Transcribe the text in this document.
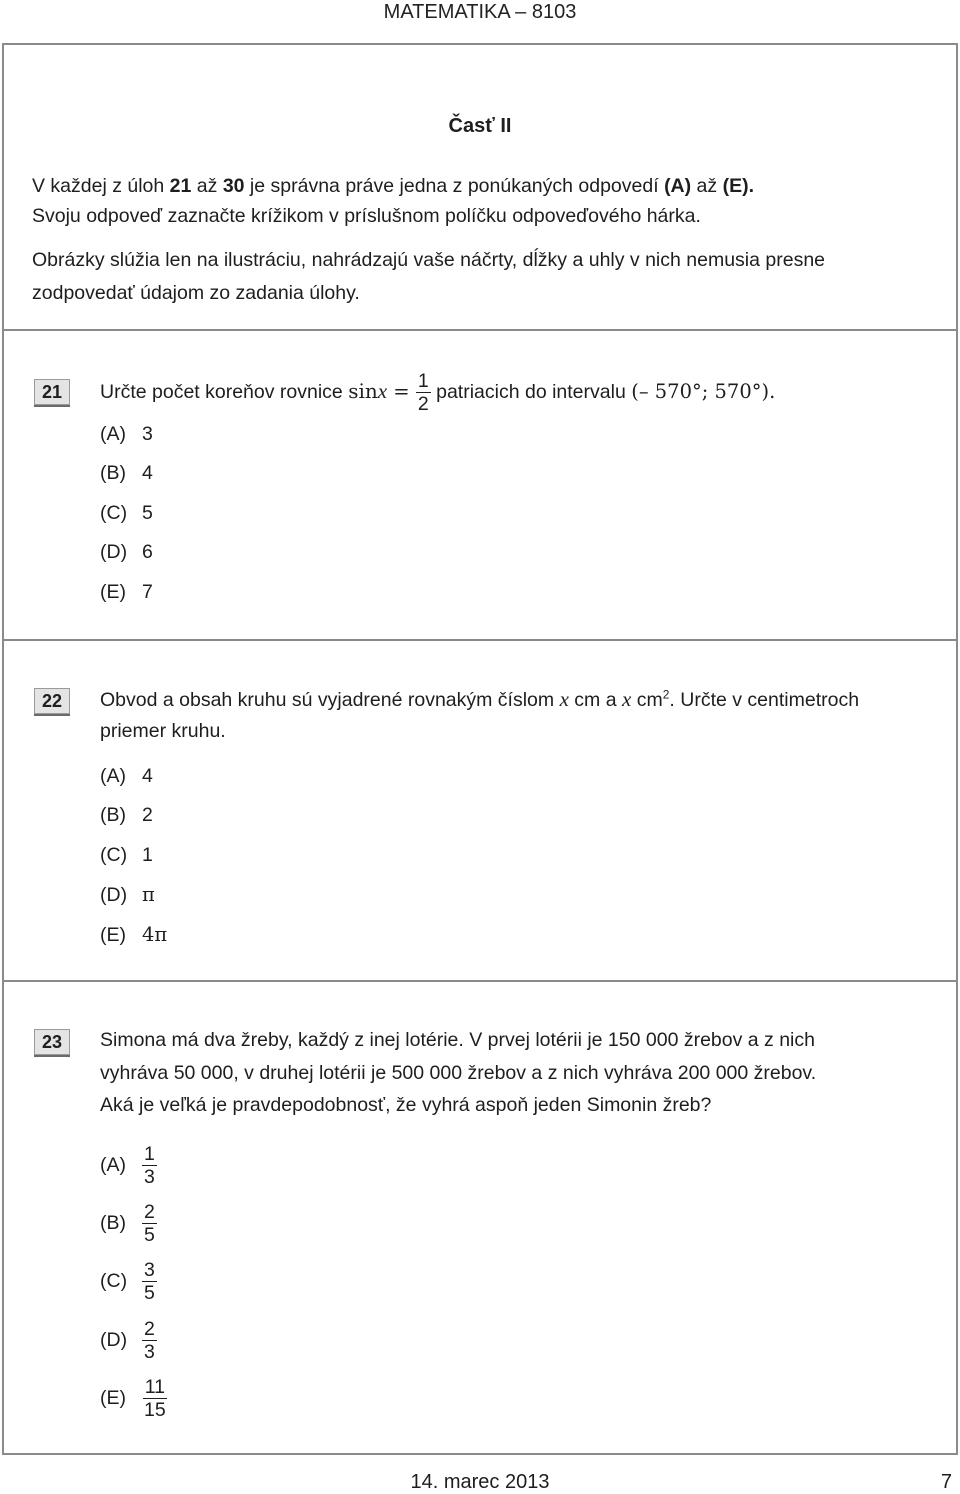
MATEMATIKA – 8103
Časť II
V každej z úloh 21 až 30 je správna práve jedna z ponúkaných odpovedí (A) až (E).
Svoju odpoveď zaznačte krížikom v príslušnom políčku odpoveďového hárka.
Obrázky slúžia len na ilustráciu, nahrádzajú vaše náčrty, dĺžky a uhly v nich nemusia presne
zodpovedať údajom zo zadania úlohy.
21	Určte počet koreňov rovnice $\sin x = \frac{1}{2}$ patriacich do intervalu (– 570°; 570°).
(A) 3
(B) 4
(C) 5
(D) 6
(E) 7
22	Obvod a obsah kruhu sú vyjadrené rovnakým číslom x cm a x $cm^2$. Určte v centimetroch
priemer kruhu.
(A) 4
(B) 2
(C) 1
(D) π
(E) 4π
23	Simona má dva žreby, každý z inej lotérie. V prvej lotérii je 150 000 žrebov a z nich
vyhráva 50 000, v druhej lotérii je 500 000 žrebov a z nich vyhráva 200 000 žrebov.
Aká je veľká je pravdepodobnosť, že vyhrá aspoň jeden Simonin žreb?
$(A) \frac{1}{3}$
$(B) \frac{2}{5}$
$(C) \frac{3}{5}$
$(D) \frac{2}{3}$
$(E) \frac{11}{15}$
14. marec 2013	7
